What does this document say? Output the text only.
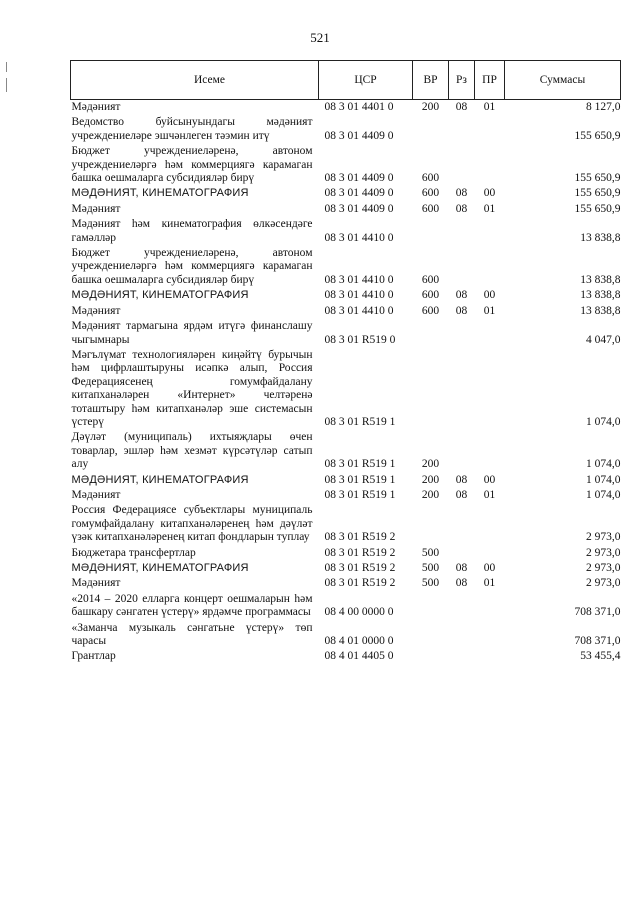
521
Исеме	ЦСР	ВР	Рз	ПР	Суммасы
Мәдәният	08 3 01 4401 0	200	08	01	8 127,0
Ведомство буйсынуындагы мәдәният учреждениеләре эшчәнлеген тәэмин итү	08 3 01 4409 0				155 650,9
Бюджет учреждениеләренә, автоном учреждениеләргә һәм коммерциягә карамаган башка оешмаларга субсидияләр бирү	08 3 01 4409 0	600			155 650,9
МӘДӘНИЯТ, КИНЕМАТОГРАФИЯ	08 3 01 4409 0	600	08	00	155 650,9
Мәдәният	08 3 01 4409 0	600	08	01	155 650,9
Мәдәният һәм кинематография өлкәсендәге гамәлләр	08 3 01 4410 0				13 838,8
Бюджет учреждениеләренә, автоном учреждениеләргә һәм коммерциягә карамаган башка оешмаларга субсидияләр бирү	08 3 01 4410 0	600			13 838,8
МӘДӘНИЯТ, КИНЕМАТОГРАФИЯ	08 3 01 4410 0	600	08	00	13 838,8
Мәдәният	08 3 01 4410 0	600	08	01	13 838,8
Мәдәният тармагына ярдәм итүгә финанслашу чыгымнары	08 3 01 R519 0				4 047,0
Мәгълүмат технологияләрен киңәйтү бурычын һәм цифрлаштыруны исәпкә алып, Россия Федерациясенең гомумфайдалану китапханәләрен «Интернет» челтәренә тоташтыру һәм китапханәләр эше системасын үстерү	08 3 01 R519 1				1 074,0
Дәүләт (муниципаль) ихтыяҗлары өчен товарлар, эшләр һәм хезмәт күрсәтүләр сатып алу	08 3 01 R519 1	200			1 074,0
МӘДӘНИЯТ, КИНЕМАТОГРАФИЯ	08 3 01 R519 1	200	08	00	1 074,0
Мәдәният	08 3 01 R519 1	200	08	01	1 074,0
Россия Федерациясе субъектлары муниципаль гомумфайдалану китапханәләренең һәм дәүләт үзәк китапханәләренең китап фондларын туплау	08 3 01 R519 2				2 973,0
Бюджетара трансфертлар	08 3 01 R519 2	500			2 973,0
МӘДӘНИЯТ, КИНЕМАТОГРАФИЯ	08 3 01 R519 2	500	08	00	2 973,0
Мәдәният	08 3 01 R519 2	500	08	01	2 973,0
«2014 – 2020 елларга концерт оешмаларын һәм башкару сәнгатен үстерү» ярдәмче программасы	08 4 00 0000 0				708 371,0
«Заманча музыкаль сәнгатьне үстерү» төп чарасы	08 4 01 0000 0				708 371,0
Грантлар	08 4 01 4405 0				53 455,4
